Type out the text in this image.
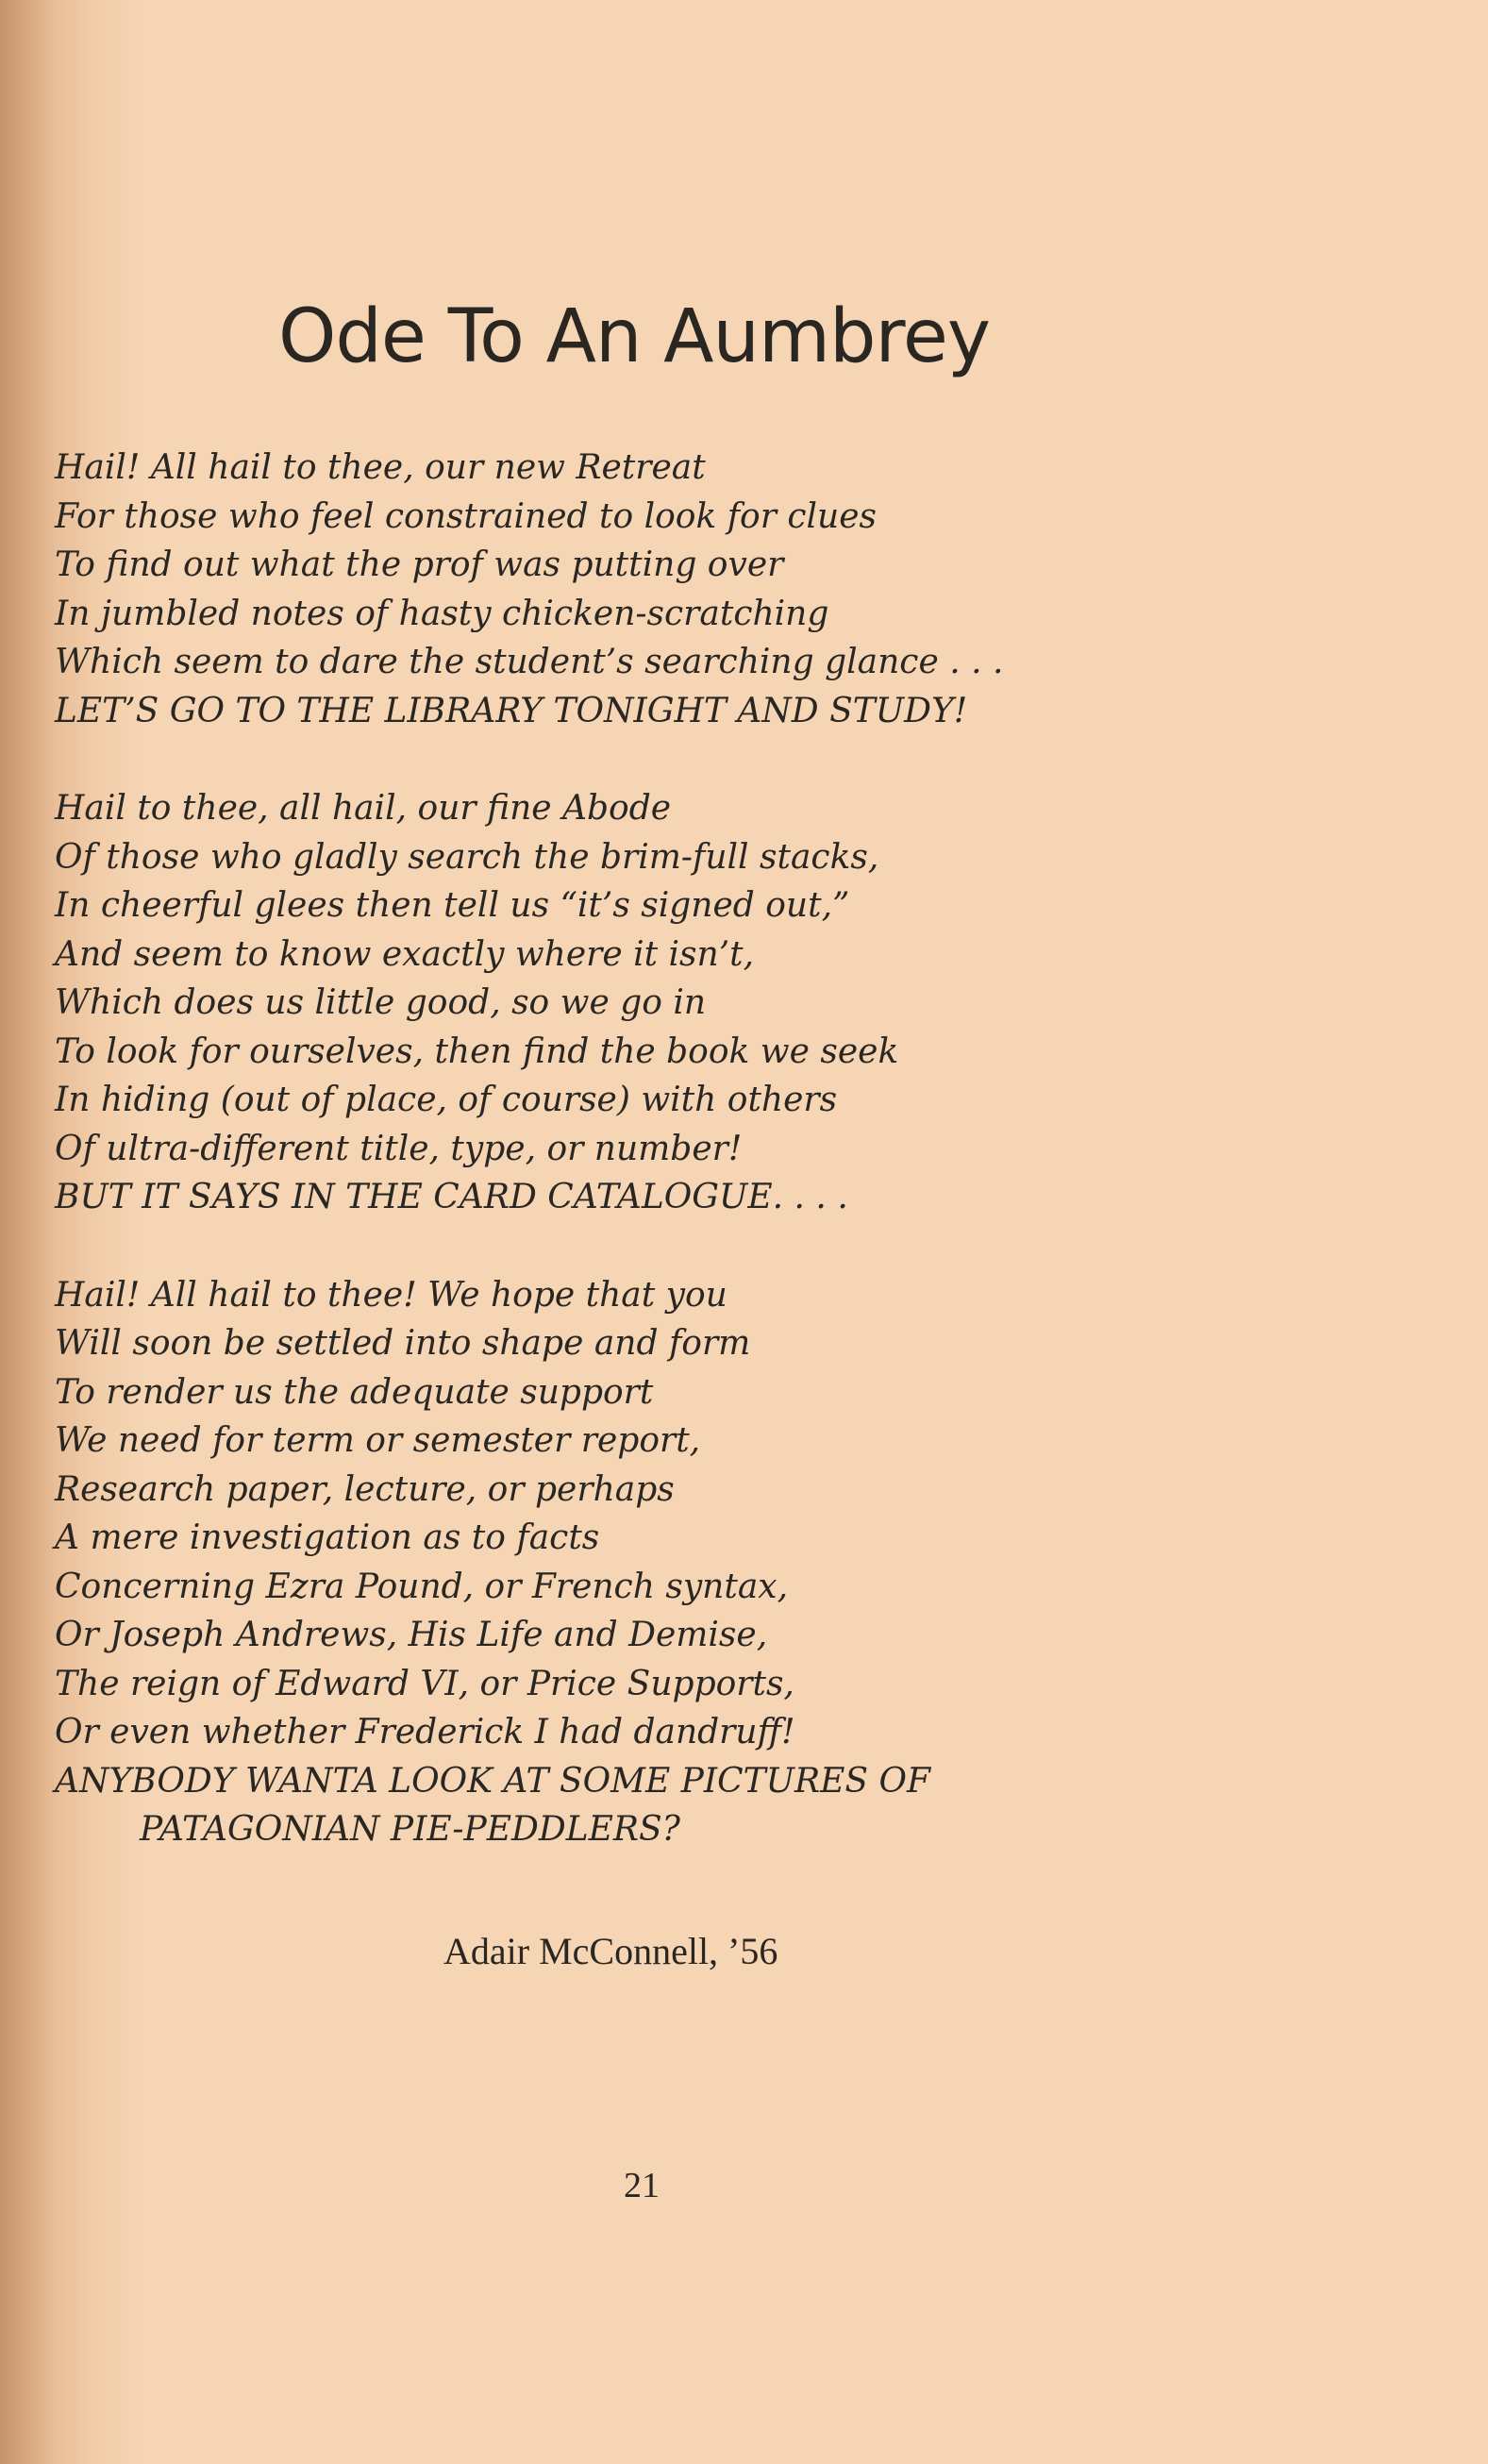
Ode To An Aumbrey

Hail! All hail to thee, our new Retreat
For those who feel constrained to look for clues
To find out what the prof was putting over
In jumbled notes of hasty chicken-scratching
Which seem to dare the student’s searching glance . . .
LET’S GO TO THE LIBRARY TONIGHT AND STUDY!

Hail to thee, all hail, our fine Abode
Of those who gladly search the brim-full stacks,
In cheerful glees then tell us “it’s signed out,”
And seem to know exactly where it isn’t,
Which does us little good, so we go in
To look for ourselves, then find the book we seek
In hiding (out of place, of course) with others
Of ultra-different title, type, or number!
BUT IT SAYS IN THE CARD CATALOGUE. . . .

Hail! All hail to thee! We hope that you
Will soon be settled into shape and form
To render us the adequate support
We need for term or semester report,
Research paper, lecture, or perhaps
A mere investigation as to facts
Concerning Ezra Pound, or French syntax,
Or Joseph Andrews, His Life and Demise,
The reign of Edward VI, or Price Supports,
Or even whether Frederick I had dandruff!
ANYBODY WANTA LOOK AT SOME PICTURES OF
PATAGONIAN PIE-PEDDLERS?

Adair McConnell, ’56
21
